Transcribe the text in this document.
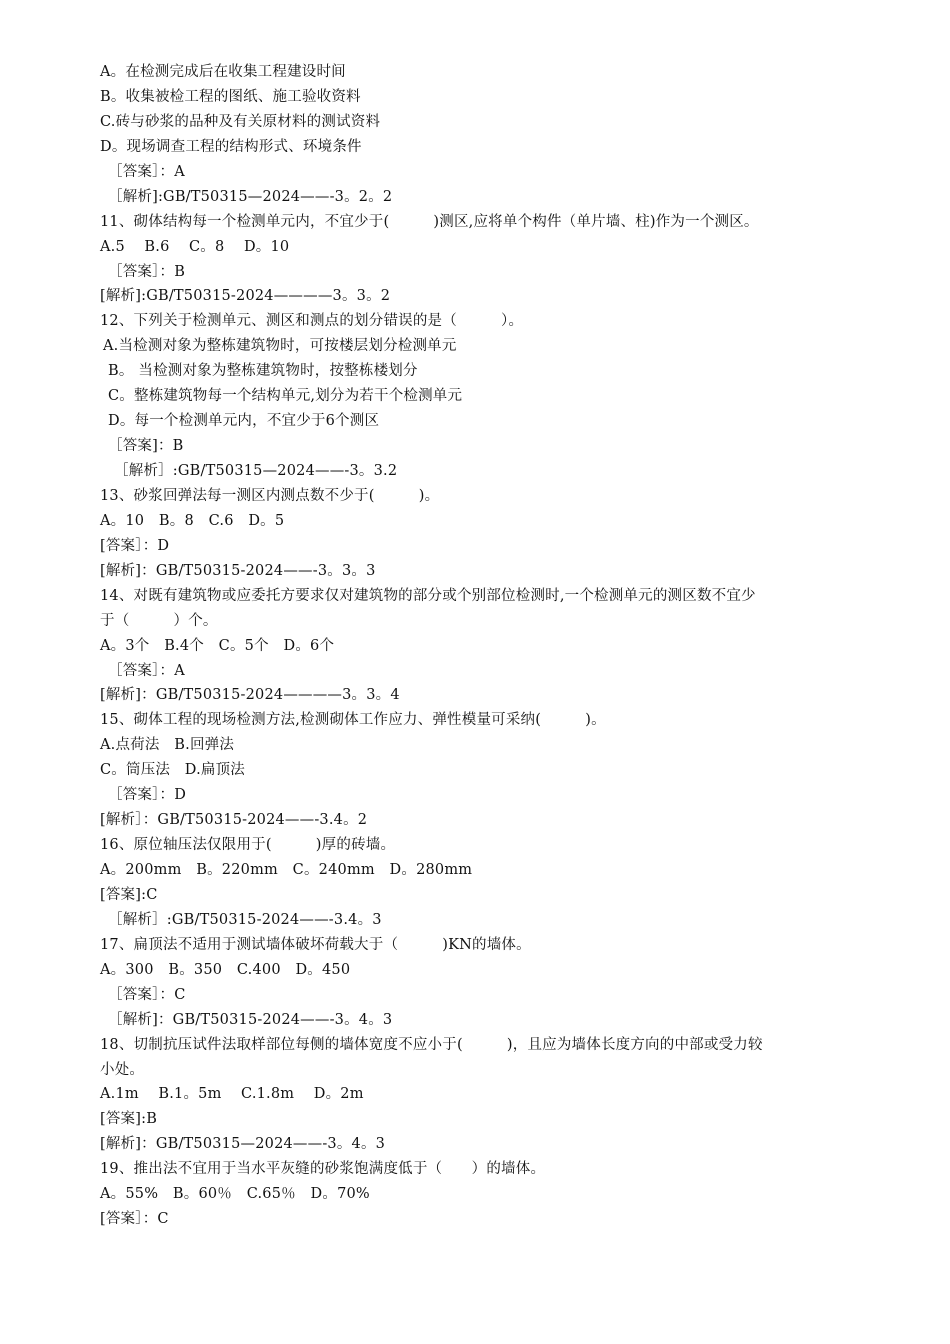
A。在检测完成后在收集工程建设时间
B。收集被检工程的图纸、施工验收资料
C.砖与砂浆的品种及有关原材料的测试资料
D。现场调查工程的结构形式、环境条件
［答案］：A
［解析]:GB/T50315—2024——-3。2。2
11、砌体结构每一个检测单元内，不宜少于(　　　)测区,应将单个构件（单片墙、柱)作为一个测区。
A.5　 B.6　 C。8　 D。10
［答案］：B
[解析]:GB/T50315-2024————3。3。2
12、下列关于检测单元、测区和测点的划分错误的是（　　　）。
A.当检测对象为整栋建筑物时，可按楼层划分检测单元
B。 当检测对象为整栋建筑物时，按整栋楼划分
C。整栋建筑物每一个结构单元,划分为若干个检测单元
D。每一个检测单元内，不宜少于6个测区
［答案]：B
［解析］:GB/T50315—2024——-3。3.2
13、砂浆回弹法每一测区内测点数不少于(　　　)。
A。10　B。8　C.6　D。5
[答案］：D
[解析]：GB/T50315-2024——-3。3。3
14、对既有建筑物或应委托方要求仅对建筑物的部分或个别部位检测时,一个检测单元的测区数不宜少
于（　　　）个。
A。3个　B.4个　C。5个　D。6个
［答案］：A
[解析]：GB/T50315-2024————3。3。4
15、砌体工程的现场检测方法,检测砌体工作应力、弹性模量可采纳(　　　)。
A.点荷法　B.回弹法
C。筒压法　D.扁顶法
［答案］：D
[解析］：GB/T50315-2024——-3.4。2
16、原位轴压法仅限用于(　　　)厚的砖墙。
A。200mm　B。220mm　C。240mm　D。280mm
[答案]:C
［解析］:GB/T50315-2024——-3.4。3
17、扁顶法不适用于测试墙体破坏荷载大于（　　　)KN的墙体。
A。300　B。350　C.400　D。450
［答案］：C
［解析]：GB/T50315-2024——-3。4。3
18、切制抗压试件法取样部位每侧的墙体宽度不应小于(　　　)，且应为墙体长度方向的中部或受力较
小处。
A.1m　 B.1。5m　 C.1.8m　 D。2m
[答案]:B
[解析]：GB/T50315—2024——-3。4。3
19、推出法不宜用于当水平灰缝的砂浆饱满度低于（　　）的墙体。
A。55%　B。60％　C.65％　D。70%
[答案］：C
